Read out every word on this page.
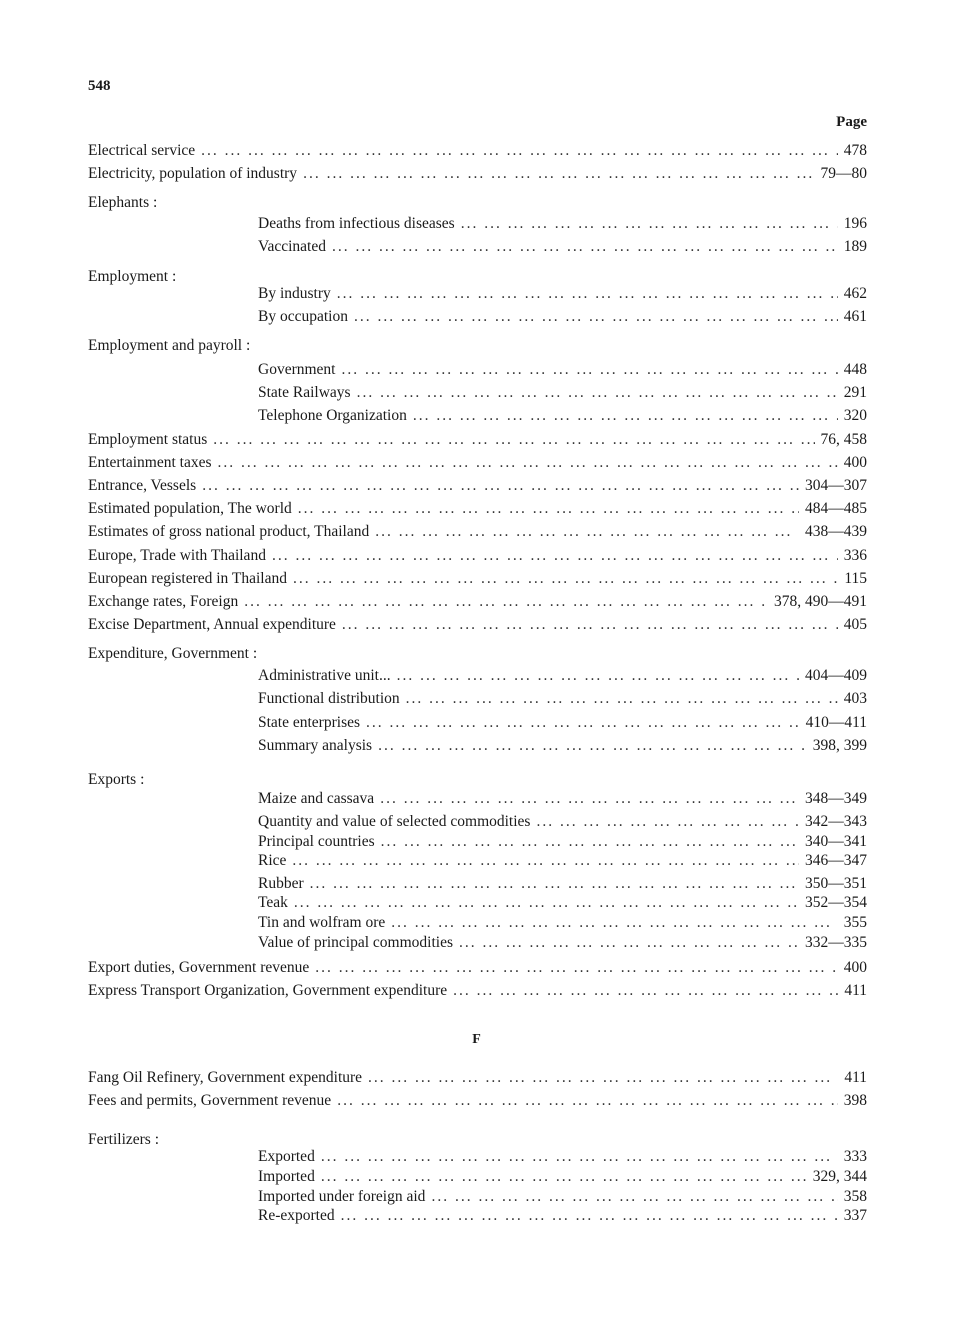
548
Page
Electrical service ... .	478
Electricity, population of industry ... .	79—80
Elephants :
Deaths from infectious diseases ... .	196
Vaccinated ... .	189
Employment :
By industry ... .	462
By occupation ... .	461
Employment and payroll :
Government ... .	448
State Railways ... .	291
Telephone Organization ... .	320
Employment status ... .	76, 458
Entertainment taxes ... .	400
Entrance, Vessels ... .	304—307
Estimated population, The world ... .	484—485
Estimates of gross national product, Thailand ... .	438—439
Europe, Trade with Thailand ... .	336
European registered in Thailand ... .	115
Exchange rates, Foreign ... .	378, 490—491
Excise Department, Annual expenditure ... .	405
Expenditure, Government :
Administrative unit... ... .	404—409
Functional distribution ... .	403
State enterprises ... .	410—411
Summary analysis ... .	398, 399
Exports :
Maize and cassava ... .	348—349
Quantity and value of selected commodities ... .	342—343
Principal countries ... .	340—341
Rice ... .	346—347
Rubber ... .	350—351
Teak ... .	352—354
Tin and wolfram ore ... .	355
Value of principal commodities ... .	332—335
Export duties, Government revenue ... .	400
Express Transport Organization, Government expenditure ... .	411
F
Fang Oil Refinery, Government expenditure ... .	411
Fees and permits, Government revenue ... .	398
Fertilizers :
Exported ... .	333
Imported ... .	329, 344
Imported under foreign aid ... .	358
Re-exported ... .	337
